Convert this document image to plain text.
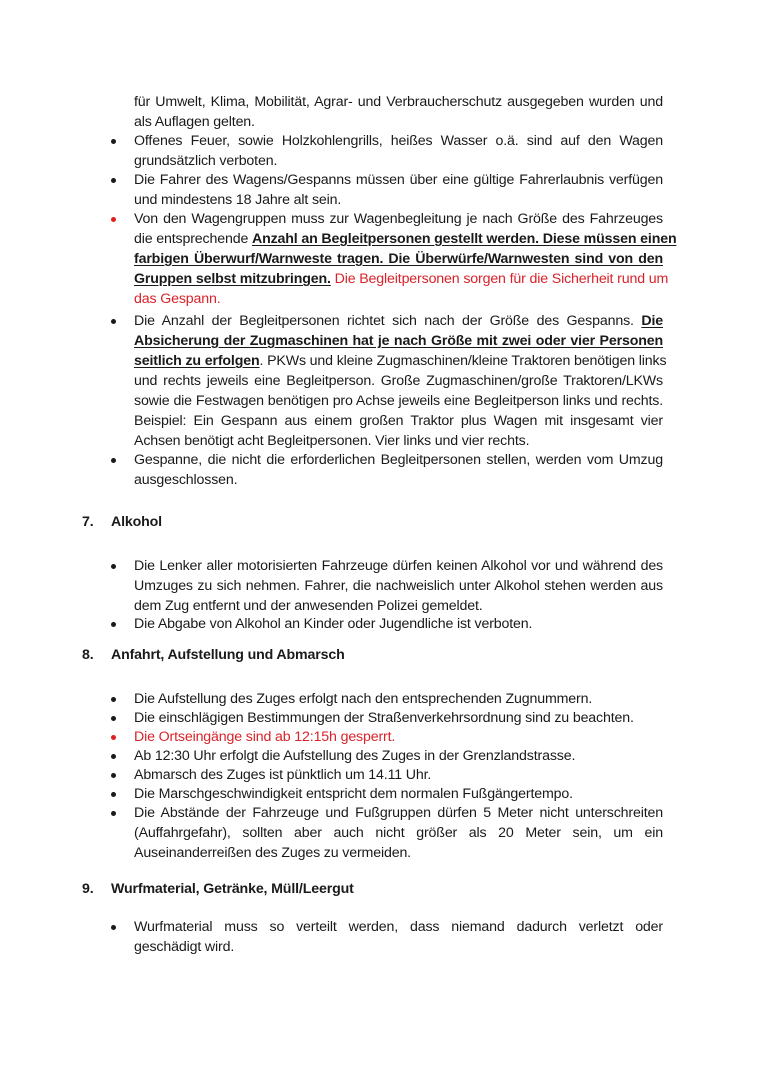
für Umwelt, Klima, Mobilität, Agrar- und Verbraucherschutz ausgegeben wurden und
als Auflagen gelten.
Offenes Feuer, sowie Holzkohlengrills, heißes Wasser o.ä. sind auf den Wagen
grundsätzlich verboten.
Die Fahrer des Wagens/Gespanns müssen über eine gültige Fahrerlaubnis verfügen
und mindestens 18 Jahre alt sein.
Von den Wagengruppen muss zur Wagenbegleitung je nach Größe des Fahrzeuges
die entsprechende Anzahl an Begleitpersonen gestellt werden. Diese müssen einen
farbigen Überwurf/Warnweste tragen. Die Überwürfe/Warnwesten sind von den
Gruppen selbst mitzubringen. Die Begleitpersonen sorgen für die Sicherheit rund um
das Gespann.
Die Anzahl der Begleitpersonen richtet sich nach der Größe des Gespanns. Die
Absicherung der Zugmaschinen hat je nach Größe mit zwei oder vier Personen
seitlich zu erfolgen. PKWs und kleine Zugmaschinen/kleine Traktoren benötigen links
und rechts jeweils eine Begleitperson. Große Zugmaschinen/große Traktoren/LKWs
sowie die Festwagen benötigen pro Achse jeweils eine Begleitperson links und rechts.
Beispiel: Ein Gespann aus einem großen Traktor plus Wagen mit insgesamt vier
Achsen benötigt acht Begleitpersonen. Vier links und vier rechts.
Gespanne, die nicht die erforderlichen Begleitpersonen stellen, werden vom Umzug
ausgeschlossen.
7. Alkohol
Die Lenker aller motorisierten Fahrzeuge dürfen keinen Alkohol vor und während des
Umzuges zu sich nehmen. Fahrer, die nachweislich unter Alkohol stehen werden aus
dem Zug entfernt und der anwesenden Polizei gemeldet.
Die Abgabe von Alkohol an Kinder oder Jugendliche ist verboten.
8. Anfahrt, Aufstellung und Abmarsch
Die Aufstellung des Zuges erfolgt nach den entsprechenden Zugnummern.
Die einschlägigen Bestimmungen der Straßenverkehrsordnung sind zu beachten.
Die Ortseingänge sind ab 12:15h gesperrt.
Ab 12:30 Uhr erfolgt die Aufstellung des Zuges in der Grenzlandstrasse.
Abmarsch des Zuges ist pünktlich um 14.11 Uhr.
Die Marschgeschwindigkeit entspricht dem normalen Fußgängertempo.
Die Abstände der Fahrzeuge und Fußgruppen dürfen 5 Meter nicht unterschreiten
(Auffahrgefahr), sollten aber auch nicht größer als 20 Meter sein, um ein
Auseinanderreißen des Zuges zu vermeiden.
9. Wurfmaterial, Getränke, Müll/Leergut
Wurfmaterial muss so verteilt werden, dass niemand dadurch verletzt oder
geschädigt wird.
